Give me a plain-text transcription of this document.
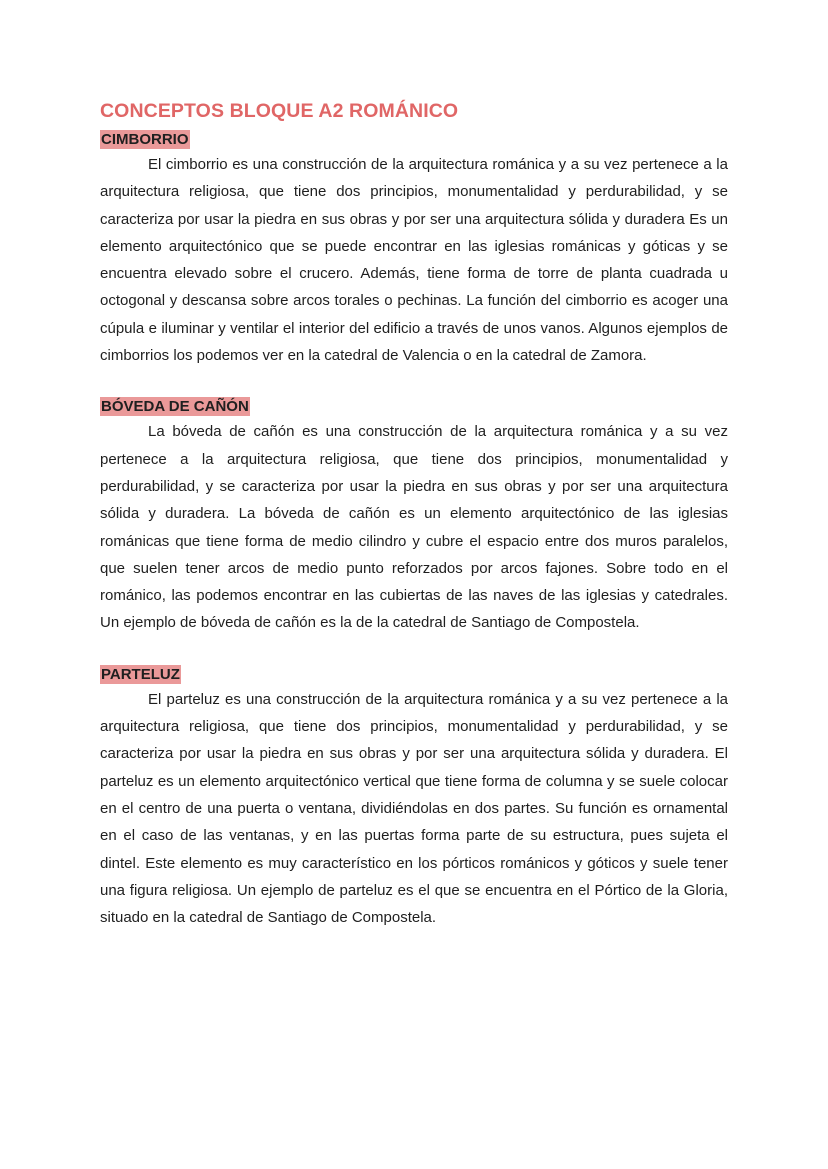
CONCEPTOS BLOQUE A2 ROMÁNICO
CIMBORRIO

El cimborrio es una construcción de la arquitectura románica y a su vez pertenece a la arquitectura religiosa, que tiene dos principios, monumentalidad y perdurabilidad, y se caracteriza por usar la piedra en sus obras y por ser una arquitectura sólida y duradera Es un elemento arquitectónico que se puede encontrar en las iglesias románicas y góticas y se encuentra elevado sobre el crucero. Además, tiene forma de torre de planta cuadrada u octogonal y descansa sobre arcos torales o pechinas. La función del cimborrio es acoger una cúpula e iluminar y ventilar el interior del edificio a través de unos vanos. Algunos ejemplos de cimborrios los podemos ver en la catedral de Valencia o en la catedral de Zamora.

BÓVEDA DE CAÑÓN

La bóveda de cañón es una construcción de la arquitectura románica y a su vez pertenece a la arquitectura religiosa, que tiene dos principios, monumentalidad y perdurabilidad, y se caracteriza por usar la piedra en sus obras y por ser una arquitectura sólida y duradera. La bóveda de cañón es un elemento arquitectónico de las iglesias románicas que tiene forma de medio cilindro y cubre el espacio entre dos muros paralelos, que suelen tener arcos de medio punto reforzados por arcos fajones. Sobre todo en el románico, las podemos encontrar en las cubiertas de las naves de las iglesias y catedrales. Un ejemplo de bóveda de cañón es la de la catedral de Santiago de Compostela.

PARTELUZ

El parteluz es una construcción de la arquitectura románica y a su vez pertenece a la arquitectura religiosa, que tiene dos principios, monumentalidad y perdurabilidad, y se caracteriza por usar la piedra en sus obras y por ser una arquitectura sólida y duradera. El parteluz es un elemento arquitectónico vertical que tiene forma de columna y se suele colocar en el centro de una puerta o ventana, dividiéndolas en dos partes. Su función es ornamental en el caso de las ventanas, y en las puertas forma parte de su estructura, pues sujeta el dintel. Este elemento es muy característico en los pórticos románicos y góticos y suele tener una figura religiosa. Un ejemplo de parteluz es el que se encuentra en el Pórtico de la Gloria, situado en la catedral de Santiago de Compostela.
